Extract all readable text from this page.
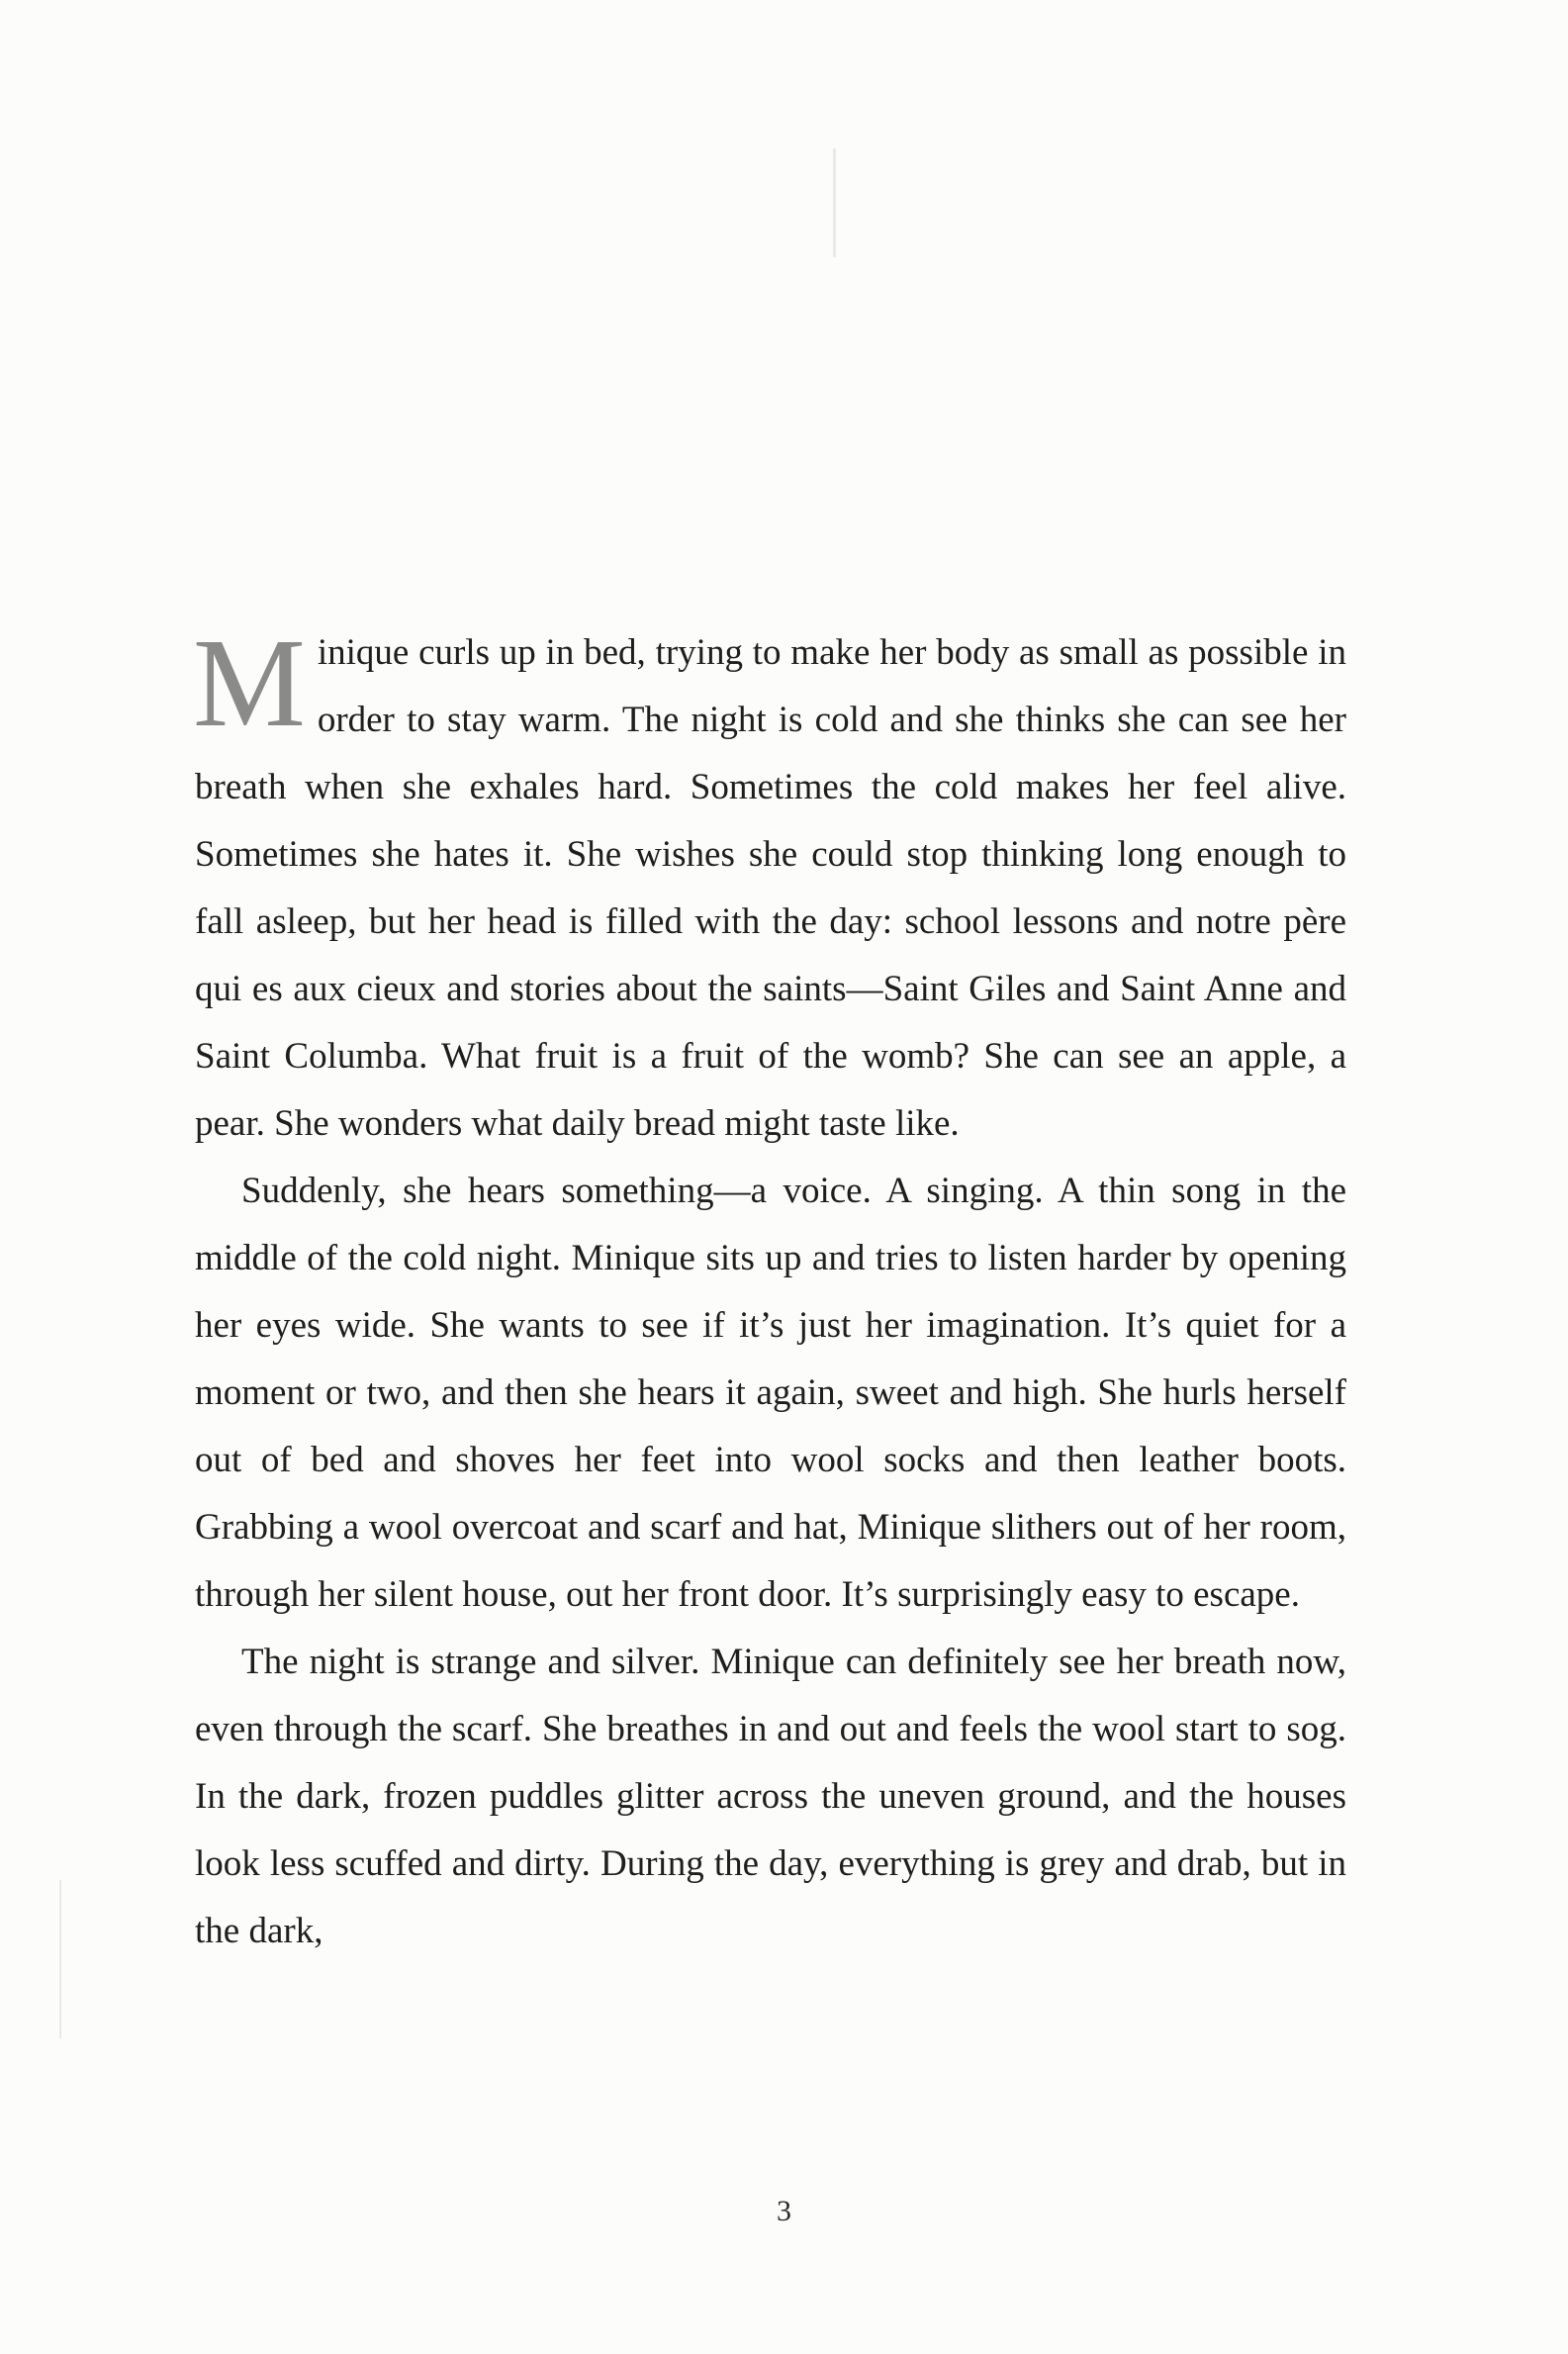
Minique curls up in bed, trying to make her body as small as possible in order to stay warm. The night is cold and she thinks she can see her breath when she exhales hard. Sometimes the cold makes her feel alive. Sometimes she hates it. She wishes she could stop thinking long enough to fall asleep, but her head is filled with the day: school lessons and notre père qui es aux cieux and stories about the saints—Saint Giles and Saint Anne and Saint Columba. What fruit is a fruit of the womb? She can see an apple, a pear. She wonders what daily bread might taste like.

Suddenly, she hears something—a voice. A singing. A thin song in the middle of the cold night. Minique sits up and tries to listen harder by opening her eyes wide. She wants to see if it’s just her imagination. It’s quiet for a moment or two, and then she hears it again, sweet and high. She hurls herself out of bed and shoves her feet into wool socks and then leather boots. Grabbing a wool overcoat and scarf and hat, Minique slithers out of her room, through her silent house, out her front door. It’s surprisingly easy to escape.

The night is strange and silver. Minique can definitely see her breath now, even through the scarf. She breathes in and out and feels the wool start to sog. In the dark, frozen puddles glitter across the uneven ground, and the houses look less scuffed and dirty. During the day, everything is grey and drab, but in the dark,

3
